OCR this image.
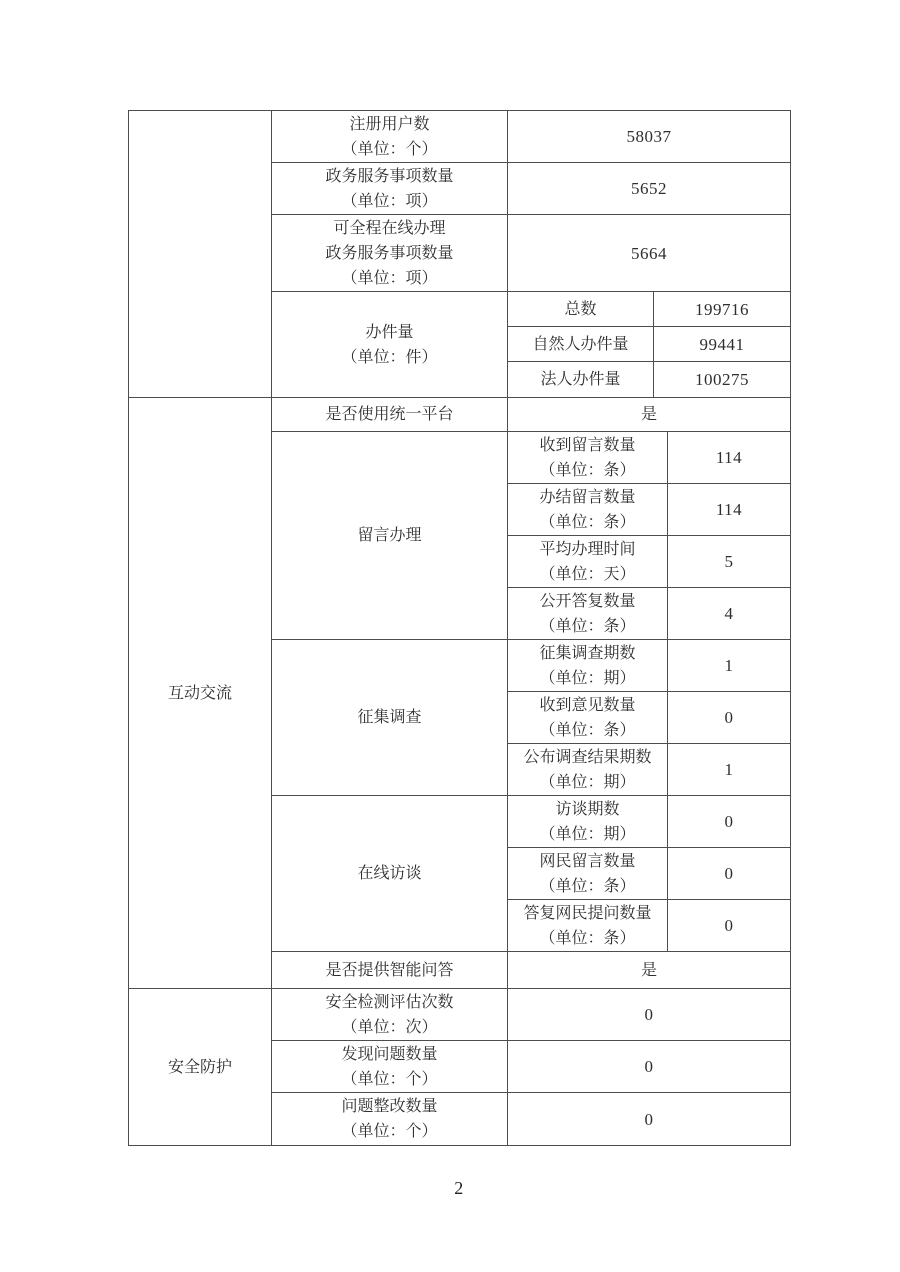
	注册用户数
（单位：个）	58037	

	政务服务事项数量
（单位：项）	5652	

	可全程在线办理
政务服务事项数量
（单位：项）	5664	

	办件量
（单位：件）	总数	199716
		自然人办件量	99441
		法人办件量	100275
互动交流	是否使用统一平台	是	
	留言办理	收到留言数量
（单位：条）	114

		办结留言数量
（单位：条）	114

		平均办理时间
（单位：天）	5

		公开答复数量
（单位：条）	4
	征集调查	征集调查期数
（单位：期）	1

		收到意见数量
（单位：条）	0

		公布调查结果期数
（单位：期）	1
	在线访谈	访谈期数
（单位：期）	0

		网民留言数量
（单位：条）	0

		答复网民提问数量
（单位：条）	0
	是否提供智能问答	是	
安全防护	安全检测评估次数
（单位：次）	0

	发现问题数量
（单位：个）	0

	问题整改数量
（单位：个）	0
2
